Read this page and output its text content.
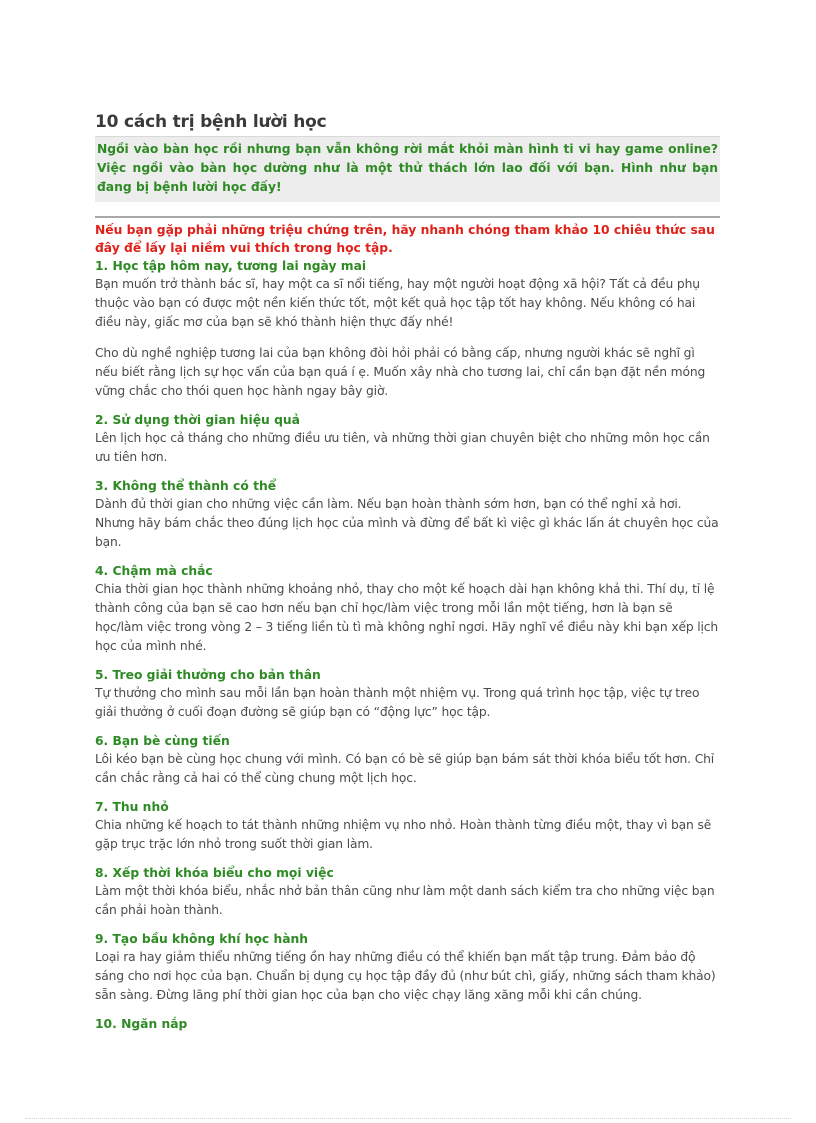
10 cách trị bệnh lười học
Ngồi vào bàn học rồi nhưng bạn vẫn không rời mắt khỏi màn hình ti vi hay game online? Việc ngồi vào bàn học dường như là một thử thách lớn lao đối với bạn. Hình như bạn đang bị bệnh lười học đấy!

Nếu bạn gặp phải những triệu chứng trên, hãy nhanh chóng tham khảo 10 chiêu thức sau đây để lấy lại niềm vui thích trong học tập.

1. Học tập hôm nay, tương lai ngày mai

Bạn muốn trở thành bác sĩ, hay một ca sĩ nổi tiếng, hay một người hoạt động xã hội? Tất cả đều phụ thuộc vào bạn có được một nền kiến thức tốt, một kết quả học tập tốt hay không. Nếu không có hai điều này, giấc mơ của bạn sẽ khó thành hiện thực đấy nhé!

Cho dù nghề nghiệp tương lai của bạn không đòi hỏi phải có bằng cấp, nhưng người khác sẽ nghĩ gì nếu biết rằng lịch sự học vấn của bạn quá í ẹ. Muốn xây nhà cho tương lai, chỉ cần bạn đặt nền móng vững chắc cho thói quen học hành ngay bây giờ.

2. Sử dụng thời gian hiệu quả

Lên lịch học cả tháng cho những điều ưu tiên, và những thời gian chuyên biệt cho những môn học cần ưu tiên hơn.

3. Không thể thành có thể

Dành đủ thời gian cho những việc cần làm. Nếu bạn hoàn thành sớm hơn, bạn có thể nghỉ xả hơi. Nhưng hãy bám chắc theo đúng lịch học của mình và đừng để bất kì việc gì khác lấn át chuyên học của bạn.

4. Chậm mà chắc

Chia thời gian học thành những khoảng nhỏ, thay cho một kế hoạch dài hạn không khả thi. Thí dụ, tỉ lệ thành công của bạn sẽ cao hơn nếu bạn chỉ học/làm việc trong mỗi lần một tiếng, hơn là bạn sẽ học/làm việc trong vòng 2 – 3 tiếng liền tù tì mà không nghỉ ngơi. Hãy nghĩ về điều này khi bạn xếp lịch học của mình nhé.

5. Treo giải thưởng cho bản thân

Tự thưởng cho mình sau mỗi lần bạn hoàn thành một nhiệm vụ. Trong quá trình học tập, việc tự treo giải thưởng ở cuối đoạn đường sẽ giúp bạn có “động lực” học tập.

6. Bạn bè cùng tiến

Lôi kéo bạn bè cùng học chung với mình. Có bạn có bè sẽ giúp bạn bám sát thời khóa biểu tốt hơn. Chỉ cần chắc rằng cả hai có thể cùng chung một lịch học.

7. Thu nhỏ

Chia những kế hoạch to tát thành những nhiệm vụ nho nhỏ. Hoàn thành từng điều một, thay vì bạn sẽ gặp trục trặc lớn nhỏ trong suốt thời gian làm.

8. Xếp thời khóa biểu cho mọi việc

Làm một thời khóa biểu, nhắc nhở bản thân cũng như làm một danh sách kiểm tra cho những việc bạn cần phải hoàn thành.

9. Tạo bầu không khí học hành

Loại ra hay giảm thiểu những tiếng ồn hay những điều có thể khiến bạn mất tập trung. Đảm bảo độ sáng cho nơi học của bạn. Chuẩn bị dụng cụ học tập đầy đủ (như bút chì, giấy, những sách tham khảo) sẵn sàng. Đừng lãng phí thời gian học của bạn cho việc chạy lăng xăng mỗi khi cần chúng.

10. Ngăn nắp
